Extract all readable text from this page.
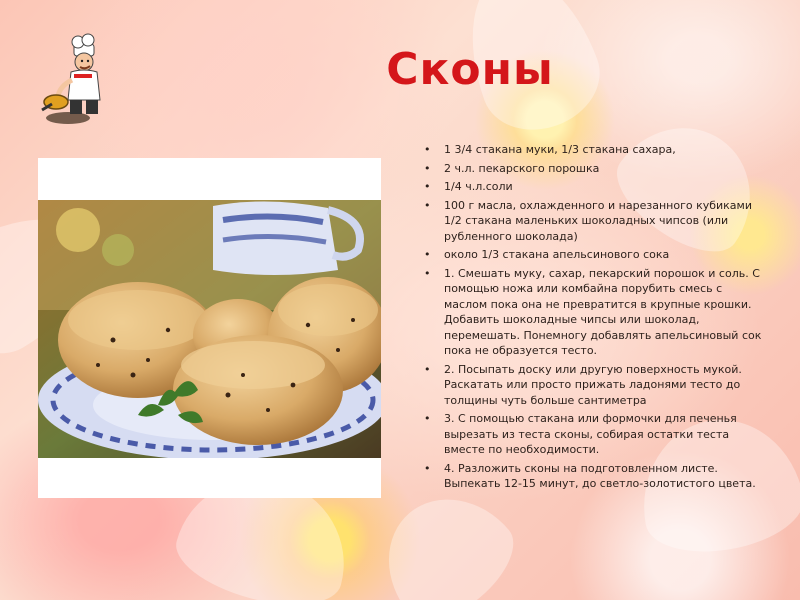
Сконы
• 1 3/4 стакана муки, 1/3 стакана сахара,
• 2 ч.л. пекарского порошка
• 1/4 ч.л.соли
• 100 г масла, охлажденного и нарезанного кубиками
1/2 стакана маленьких шоколадных чипсов (или рубленного шоколада)
• около 1/3 стакана апельсинового сока
• 1. Смешать муку, сахар, пекарский порошок и соль. С помощью ножа или комбайна порубить смесь с маслом пока она не превратится в крупные крошки. Добавить шоколадные чипсы или шоколад, перемешать. Понемногу добавлять апельсиновый сок пока не образуется тесто.
• 2. Посыпать доску или другую поверхность мукой. Раскатать или просто прижать ладонями тесто до толщины чуть больше сантиметра
• 3. С помощью стакана или формочки для печенья вырезать из теста сконы, собирая остатки теста вместе по необходимости.
• 4. Разложить сконы на подготовленном листе. Выпекать 12-15 минут, до светло-золотистого цвета.
